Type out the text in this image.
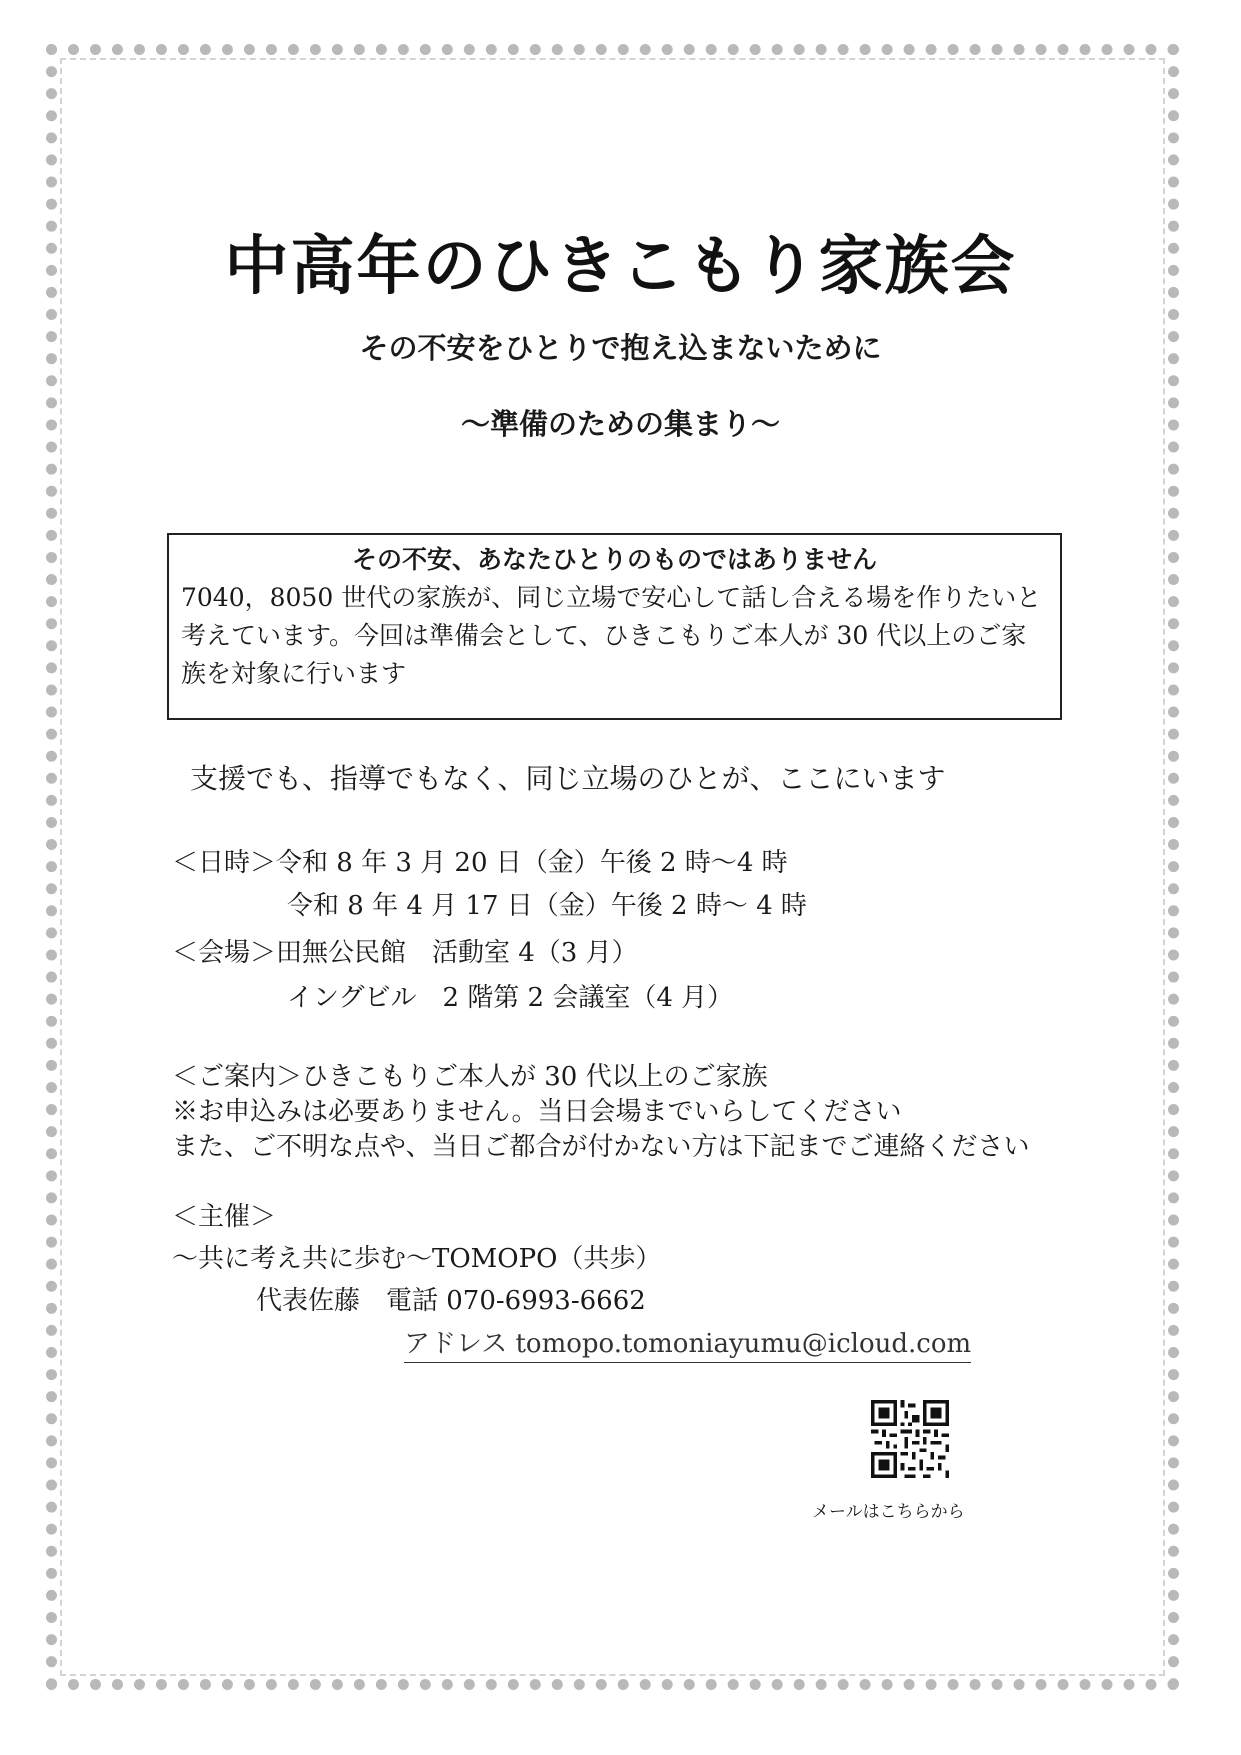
中高年のひきこもり家族会
その不安をひとりで抱え込まないために
～準備のための集まり～
その不安、あなたひとりのものではありません
7040，8050 世代の家族が、同じ立場で安心して話し合える場を作りたいと考えています。今回は準備会として、ひきこもりご本人が 30 代以上のご家族を対象に行います
支援でも、指導でもなく、同じ立場のひとが、ここにいます
＜日時＞令和 8 年 3 月 20 日（金）午後 2 時～4 時
令和 8 年 4 月 17 日（金）午後 2 時～ 4 時
＜会場＞田無公民館　活動室 4（3 月）
イングビル　2 階第 2 会議室（4 月）
＜ご案内＞ひきこもりご本人が 30 代以上のご家族
※お申込みは必要ありません。当日会場までいらしてください
また、ご不明な点や、当日ご都合が付かない方は下記までご連絡ください
＜主催＞
～共に考え共に歩む～TOMOPO（共歩）
代表佐藤　電話 070-6993-6662
アドレス tomopo.tomoniayumu@icloud.com
メールはこちらから
